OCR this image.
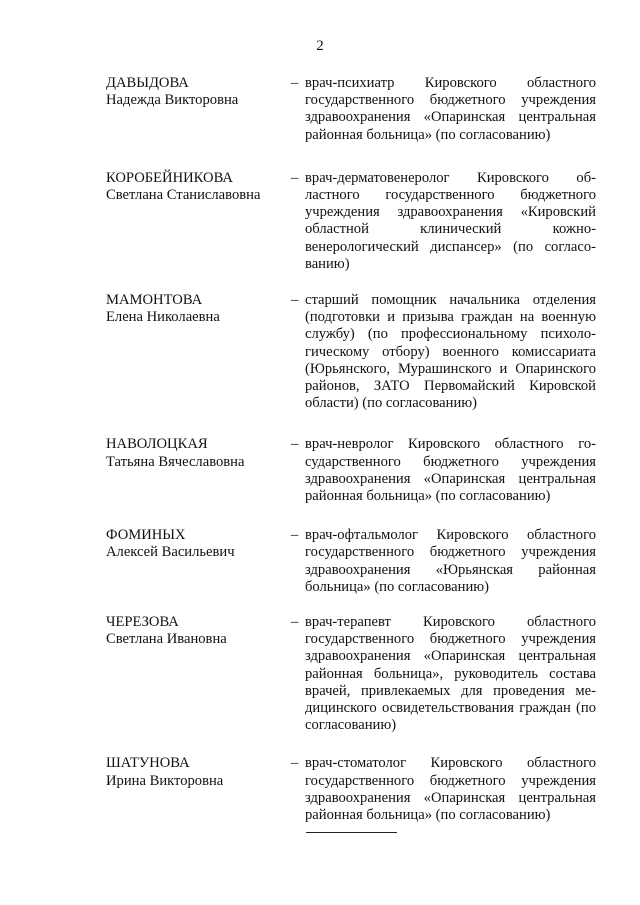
2
ДАВЫДОВА
Надежда Викторовна
– врач-психиатр Кировского областного государственного бюджетного учреждения здравоохранения «Опаринская центральная районная больница» (по согласованию)
КОРОБЕЙНИКОВА
Светлана Станиславовна
– врач-дерматовенеролог Кировского областного государственного бюджетного учреждения здравоохранения «Кировский областной клинический кожно-венерологический диспансер» (по согласованию)
МАМОНТОВА
Елена Николаевна
– старший помощник начальника отделения (подготовки и призыва граждан на военную службу) (по профессиональному психологическому отбору) военного комиссариата (Юрьянского, Мурашинского и Опаринского районов, ЗАТО Первомайский Кировской области) (по согласованию)
НАВОЛОЦКАЯ
Татьяна Вячеславовна
– врач-невролог Кировского областного государственного бюджетного учреждения здравоохранения «Опаринская центральная районная больница» (по согласованию)
ФОМИНЫХ
Алексей Васильевич
– врач-офтальмолог Кировского областного государственного бюджетного учреждения здравоохранения «Юрьянская районная больница» (по согласованию)
ЧЕРЕЗОВА
Светлана Ивановна
– врач-терапевт Кировского областного государственного бюджетного учреждения здравоохранения «Опаринская центральная районная больница», руководитель состава врачей, привлекаемых для проведения медицинского освидетельствования граждан (по согласованию)
ШАТУНОВА
Ирина Викторовна
– врач-стоматолог Кировского областного государственного бюджетного учреждения здравоохранения «Опаринская центральная районная больница» (по согласованию)
